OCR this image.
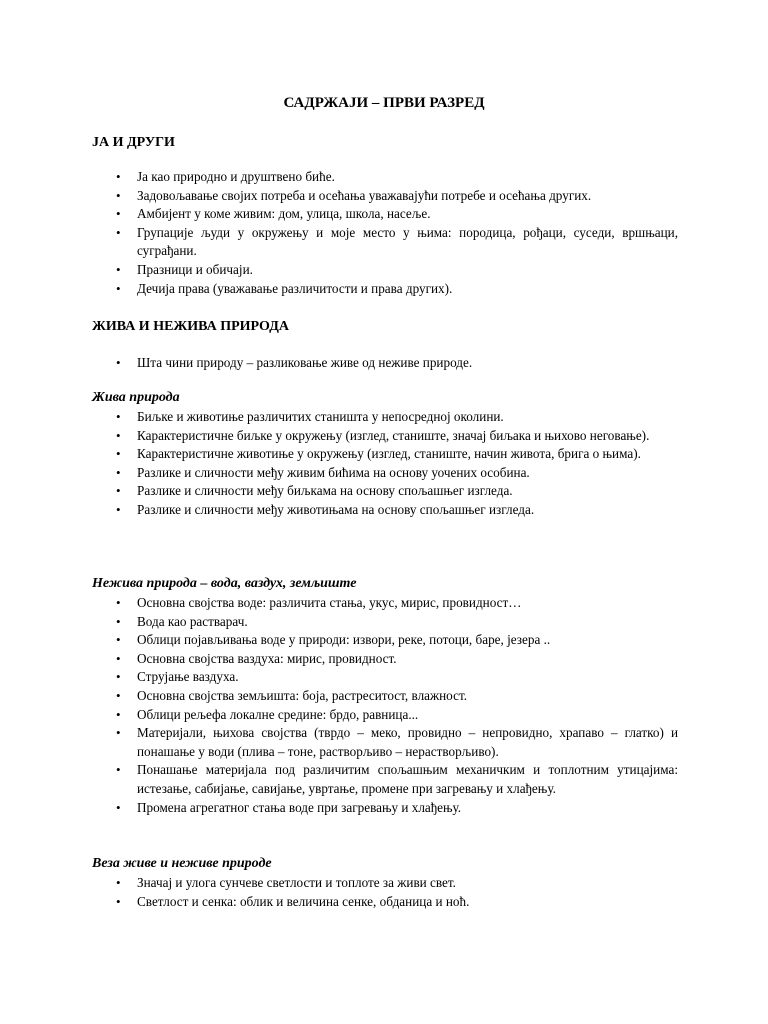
САДРЖАЈИ – ПРВИ РАЗРЕД
ЈА И ДРУГИ
• Ја као природно и друштвено биће.
• Задовољавање својих потреба и осећања уважавајући потребе и осећања других.
• Амбијент у коме живим: дом, улица, школа, насеље.
• Групације људи у окружењу и моје место у њима: породица, рођаци, суседи, вршњаци, суграђани.
• Празници и обичаји.
• Дечија права (уважавање различитости и права других).
ЖИВА И НЕЖИВА ПРИРОДА
• Шта чини природу – разликовање живе од неживе природе.
Жива природа
• Биљке и животиње различитих станишта у непосредној околини.
• Карактеристичне биљке у окружењу (изглед, станиште, значај биљака и њихово неговање).
• Карактеристичне животиње у окружењу (изглед, станиште, начин живота, брига о њима).
• Разлике и сличности међу живим бићима на основу уочених особина.
• Разлике и сличности међу биљкама на основу спољашњег изгледа.
• Разлике и сличности међу животињама на основу спољашњег изгледа.
Нежива природа – вода, ваздух, земљиште
• Основна својства воде: различита стања, укус, мирис, провидност…
• Вода као растварач.
• Облици појављивања воде у природи: извори, реке, потоци, баре, језера ..
• Основна својства ваздуха: мирис, провидност.
• Струјање ваздуха.
• Основна својства земљишта: боја, растреситост, влажност.
• Облици рељефа локалне средине: брдо, равница...
• Материјали, њихова својства (тврдо – меко, провидно – непровидно, храпаво – глатко) и понашање у води (плива – тоне, растворљиво – нерастворљиво).
• Понашање материјала под различитим спољашњим механичким и топлотним утицајима: истезање, сабијање, савијање, увртање, промене при загревању и хлађењу.
• Промена агрегатног стања воде при загревању и хлађењу.
Веза живе и неживе природе
• Значај и улога сунчеве светлости и топлоте за живи свет.
• Светлост и сенка: облик и величина сенке, обданица и ноћ.
